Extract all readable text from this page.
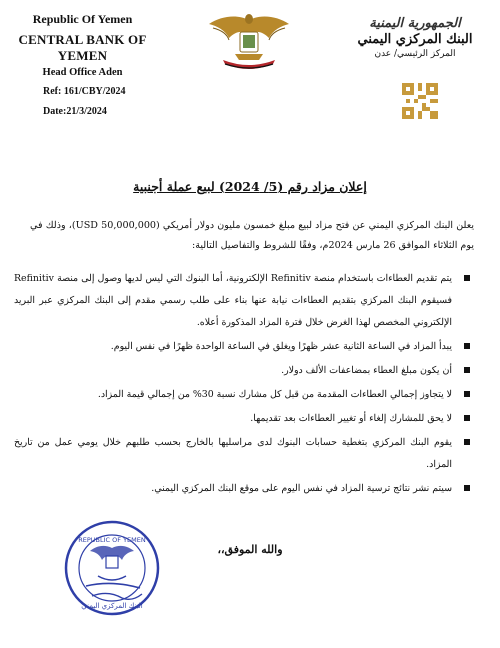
Republic Of Yemen
CENTRAL BANK OF YEMEN
Head Office Aden
Ref: 161/CBY/2024
Date:21/3/2024
الجمهورية اليمنية
البنك المركزي اليمني
المركز الرئيسي/ عدن
إعلان مزاد رقم (5/ 2024) لبيع عملة أجنبية
يعلن البنك المركزي اليمني عن فتح مزاد لبيع مبلغ خمسون مليون دولار أمريكي (50,000,000 USD)، وذلك في يوم الثلاثاء الموافق 26 مارس 2024م، وفقًا للشروط والتفاصيل التالية:
يتم تقديم العطاءات باستخدام منصة Refinitiv الإلكترونية، أما البنوك التي ليس لديها وصول إلى منصة Refinitiv فسيقوم البنك المركزي بتقديم العطاءات نيابة عنها بناء على طلب رسمي مقدم إلى البنك المركزي عبر البريد الإلكتروني المخصص لهذا الغرض خلال فترة المزاد المذكورة أعلاه.
يبدأ المزاد في الساعة الثانية عشر ظهرًا ويغلق في الساعة الواحدة ظهرًا في نفس اليوم.
أن يكون مبلغ العطاء بمضاعفات الألف دولار.
لا يتجاوز إجمالي العطاءات المقدمة من قبل كل مشارك نسبة 30% من إجمالي قيمة المزاد.
لا يحق للمشارك إلغاء أو تغيير العطاءات بعد تقديمها.
يقوم البنك المركزي بتغطية حسابات البنوك لدى مراسليها بالخارج بحسب طلبهم خلال يومي عمل من تاريخ المزاد.
سيتم نشر نتائج ترسية المزاد في نفس اليوم على موقع البنك المركزي اليمني.
والله الموفق،،
REPUBLIC OF YEMEN
البنك المركزي اليمني
